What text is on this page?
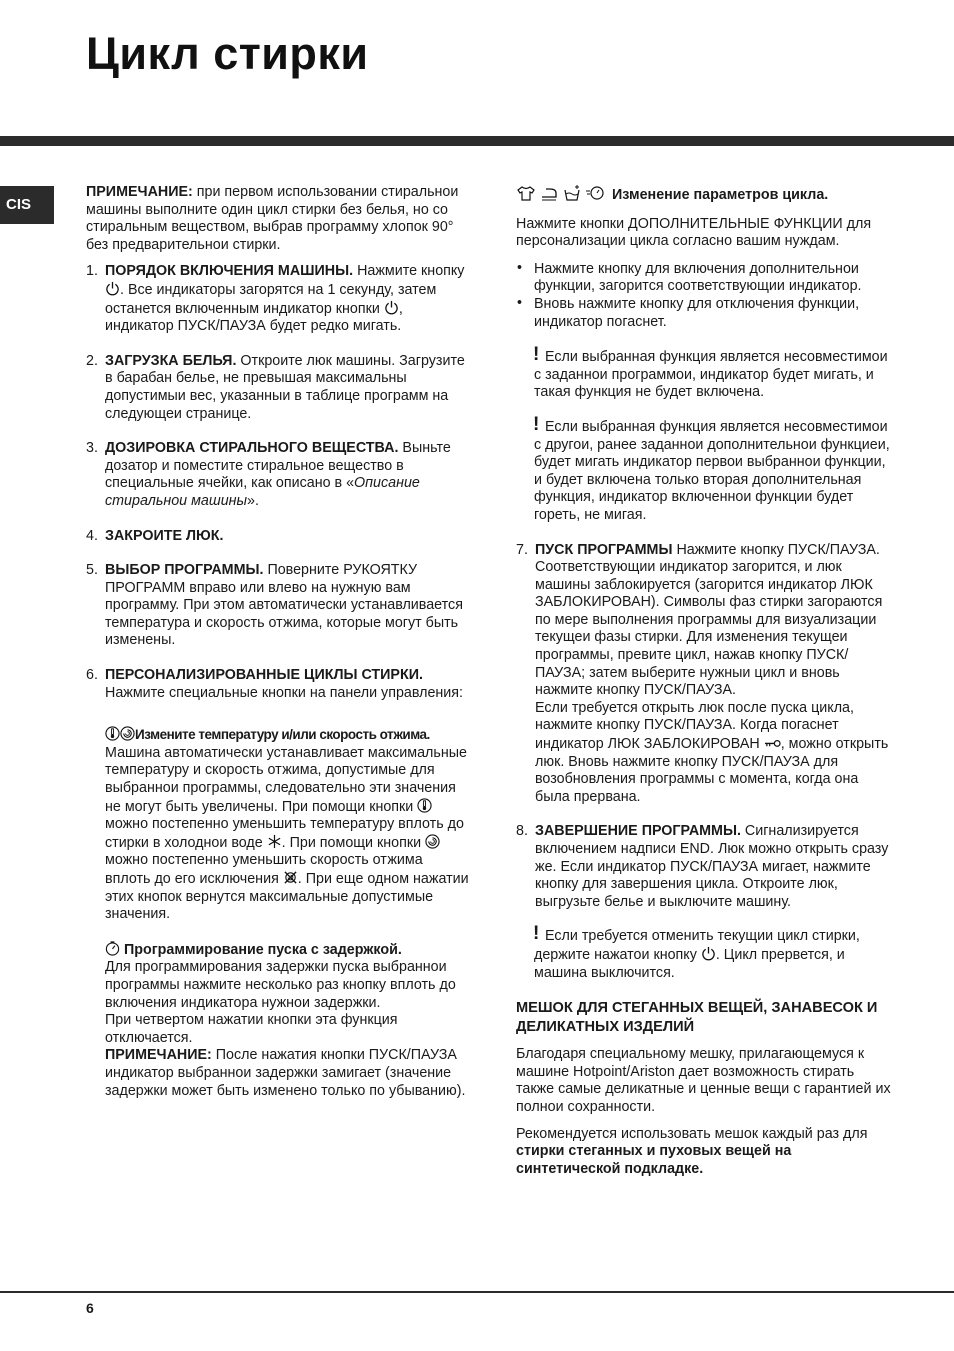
Цикл стирки
CIS

ПРИМЕЧАНИЕ: при первом использовании стиральнои машины выполните один цикл стирки без белья, но со стиральным веществом, выбрав программу хлопок 90° без предварительнои стирки.

1. ПОРЯДОК ВКЛЮЧЕНИЯ МАШИНЫ. Нажмите кнопку
. Все индикаторы загорятся на 1 секунду, затем останется включенным индикатор кнопки
, индикатор ПУСК/ПАУЗА будет редко мигать.
2. ЗАГРУЗКА БЕЛЬЯ. Откроите люк машины. Загрузите в барабан белье, не превышая максимальны допустимыи вес, указанныи в таблице программ на следующеи странице.
3. ДОЗИРОВКА СТИРАЛЬНОГО ВЕЩЕСТВА. Выньте дозатор и поместите стиральное вещество в специальные ячейки, как описано в «Описание стиральнои машины».
4. ЗАКРОИТЕ ЛЮК.
5. ВЫБОР ПРОГРАММЫ. Поверните РУКОЯТКУ ПРОГРАММ вправо или влево на нужную вам программу. При этом автоматически устанавливается температура и скорость отжима, которые могут быть изменены.
6. ПЕРСОНАЛИЗИРОВАННЫЕ ЦИКЛЫ СТИРКИ. Нажмите специальные кнопки на панели управления:
Измените температуру и/или скорость отжима.
Машина автоматически устанавливает максимальные температуру и скорость отжима, допустимые для выбраннои программы, следовательно эти значения не могут быть увеличены. При помощи кнопки
можно постепенно уменьшить температуру вплоть до стирки в холоднои воде
. При помощи кнопки
можно постепенно уменьшить скорость отжима вплоть до его исключения
. При еще одном нажатии этих кнопок вернутся максимальные допустимые значения.
Программирование пуска с задержкой.
Для программирования задержки пуска выбраннои программы нажмите несколько раз кнопку вплоть до включения индикатора нужнои задержки.
При четвертом нажатии кнопки эта функция отключается.
ПРИМЕЧАНИЕ: После нажатия кнопки ПУСК/ПАУЗА индикатор выбраннои задержки замигает (значение задержки может быть изменено только по убыванию).

Изменение параметров цикла.

Нажмите кнопки ДОПОЛНИТЕЛЬНЫЕ ФУНКЦИИ для персонализации цикла согласно вашим нуждам.

• Нажмите кнопку для включения дополнительнои функции, загорится соответствующии индикатор.
• Вновь нажмите кнопку для отключения функции, индикатор погаснет.
! Если выбранная функция является несовместимои с заданнои программои, индикатор будет мигать, и такая функция не будет включена.
! Если выбранная функция является несовместимои с другои, ранее заданнои дополнительнои функциеи, будет мигать индикатор первои выбраннои функции, и будет включена только вторая дополнительная функция, индикатор включеннои функции будет гореть, не мигая.
7. ПУСК ПРОГРАММЫ Нажмите кнопку ПУСК/ПАУЗА. Соответствующии индикатор загорится, и люк машины заблокируется (загорится индикатор ЛЮК ЗАБЛОКИРОВАН). Символы фаз стирки загораются по мере выполнения программы для визуализации текущеи фазы стирки. Для изменения текущеи программы, превите цикл, нажав кнопку ПУСК/ПАУЗА; затем выберите нужныи цикл и вновь нажмите кнопку ПУСК/ПАУЗА.
Если требуется открыть люк после пуска цикла, нажмите кнопку ПУСК/ПАУЗА. Когда погаснет индикатор ЛЮК ЗАБЛОКИРОВАН
, можно открыть люк. Вновь нажмите кнопку ПУСК/ПАУЗА для возобновления программы с момента, когда она была прервана.
8. ЗАВЕРШЕНИЕ ПРОГРАММЫ. Сигнализируется включением надписи END. Люк можно открыть сразу же. Если индикатор ПУСК/ПАУЗА мигает, нажмите кнопку для завершения цикла. Откроите люк, выгрузьте белье и выключите машину.
! Если требуется отменить текущии цикл стирки, держите нажатои кнопку
. Цикл прервется, и машина выключится.
МЕШОК ДЛЯ СТЕГАННЫХ ВЕЩЕЙ, ЗАНАВЕСОК И ДЕЛИКАТНЫХ ИЗДЕЛИЙ

Благодаря специальному мешку, прилагающемуся к машине Hotpoint/Ariston дает возможность стирать также самые деликатные и ценные вещи с гарантией их полнои сохранности.

Рекомендуется использовать мешок каждый раз для стирки стеганных и пуховых вещей на синтетической подкладке.

6
